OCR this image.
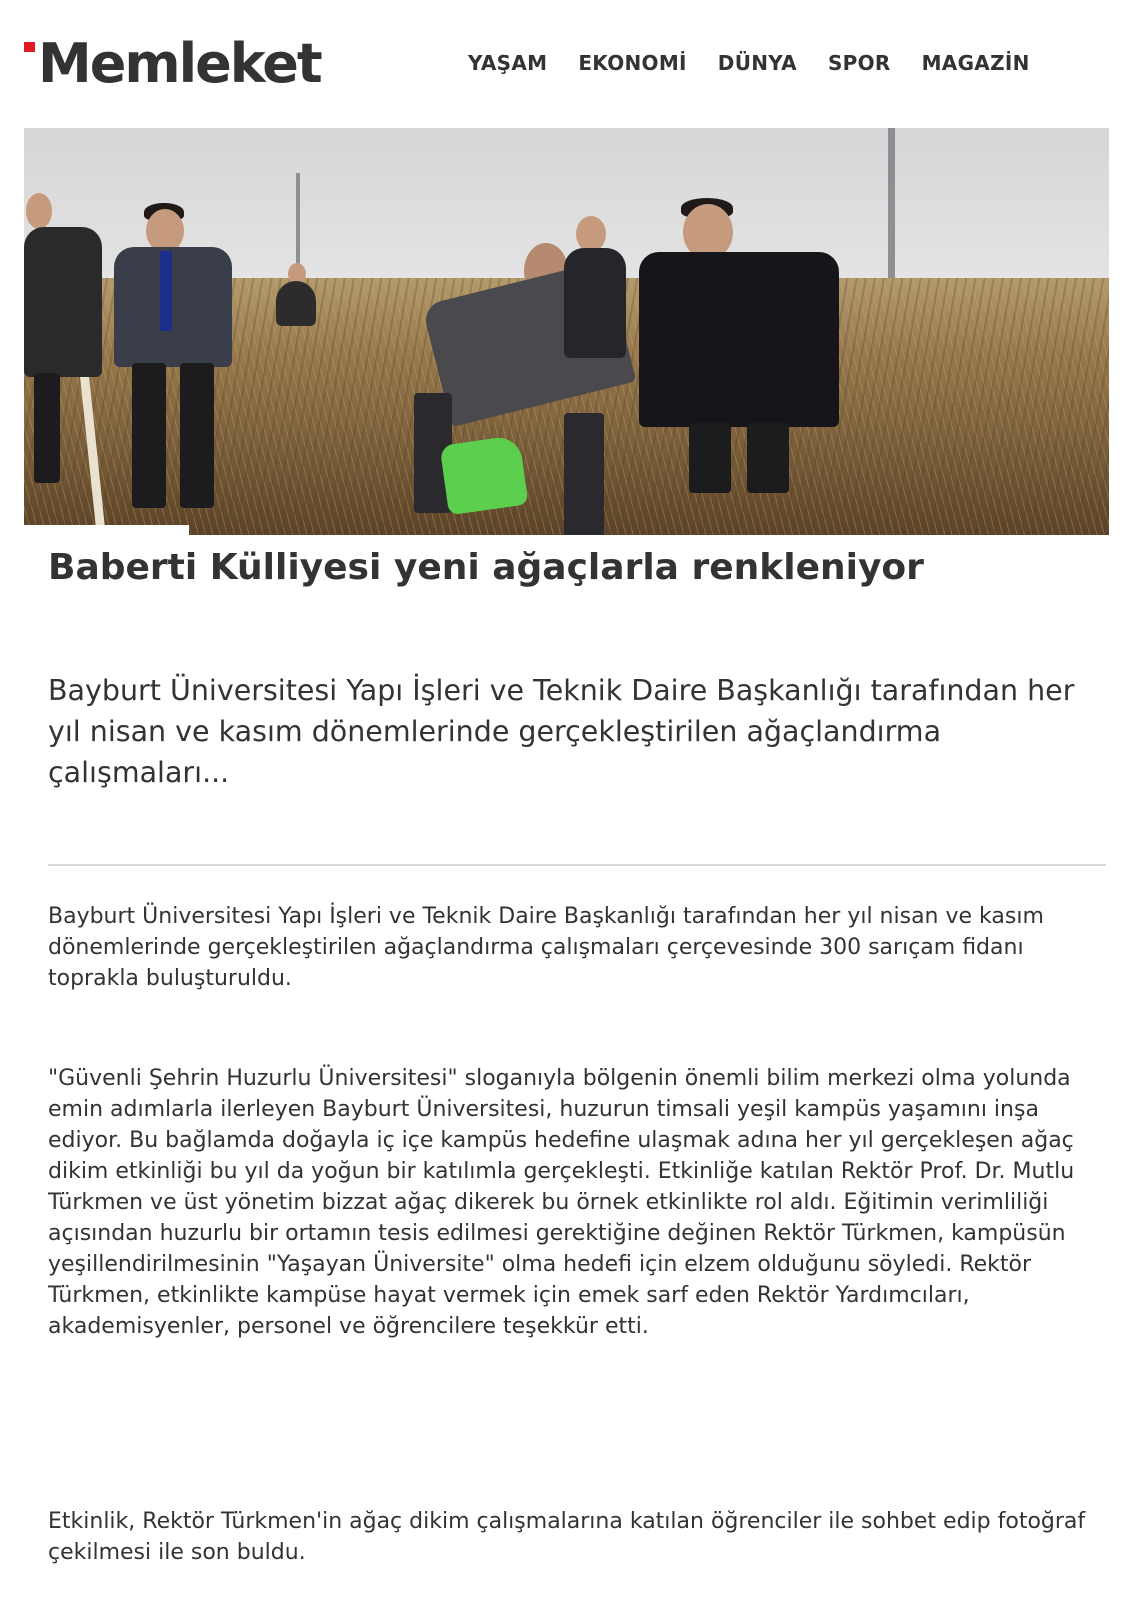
Memleket	YAŞAM EKONOMİ DÜNYA SPOR MAGAZİN
Baberti Külliyesi yeni ağaçlarla renkleniyor

Bayburt Üniversitesi Yapı İşleri ve Teknik Daire Başkanlığı tarafından her yıl nisan ve kasım dönemlerinde gerçekleştirilen ağaçlandırma çalışmaları...

Bayburt Üniversitesi Yapı İşleri ve Teknik Daire Başkanlığı tarafından her yıl nisan ve kasım dönemlerinde gerçekleştirilen ağaçlandırma çalışmaları çerçevesinde 300 sarıçam fidanı toprakla buluşturuldu.

"Güvenli Şehrin Huzurlu Üniversitesi" sloganıyla bölgenin önemli bilim merkezi olma yolunda emin adımlarla ilerleyen Bayburt Üniversitesi, huzurun timsali yeşil kampüs yaşamını inşa ediyor. Bu bağlamda doğayla iç içe kampüs hedefine ulaşmak adına her yıl gerçekleşen ağaç dikim etkinliği bu yıl da yoğun bir katılımla gerçekleşti. Etkinliğe katılan Rektör Prof. Dr. Mutlu Türkmen ve üst yönetim bizzat ağaç dikerek bu örnek etkinlikte rol aldı. Eğitimin verimliliği açısından huzurlu bir ortamın tesis edilmesi gerektiğine değinen Rektör Türkmen, kampüsün yeşillendirilmesinin "Yaşayan Üniversite" olma hedefi için elzem olduğunu söyledi. Rektör Türkmen, etkinlikte kampüse hayat vermek için emek sarf eden Rektör Yardımcıları, akademisyenler, personel ve öğrencilere teşekkür etti.

Etkinlik, Rektör Türkmen'in ağaç dikim çalışmalarına katılan öğrenciler ile sohbet edip fotoğraf çekilmesi ile son buldu.
